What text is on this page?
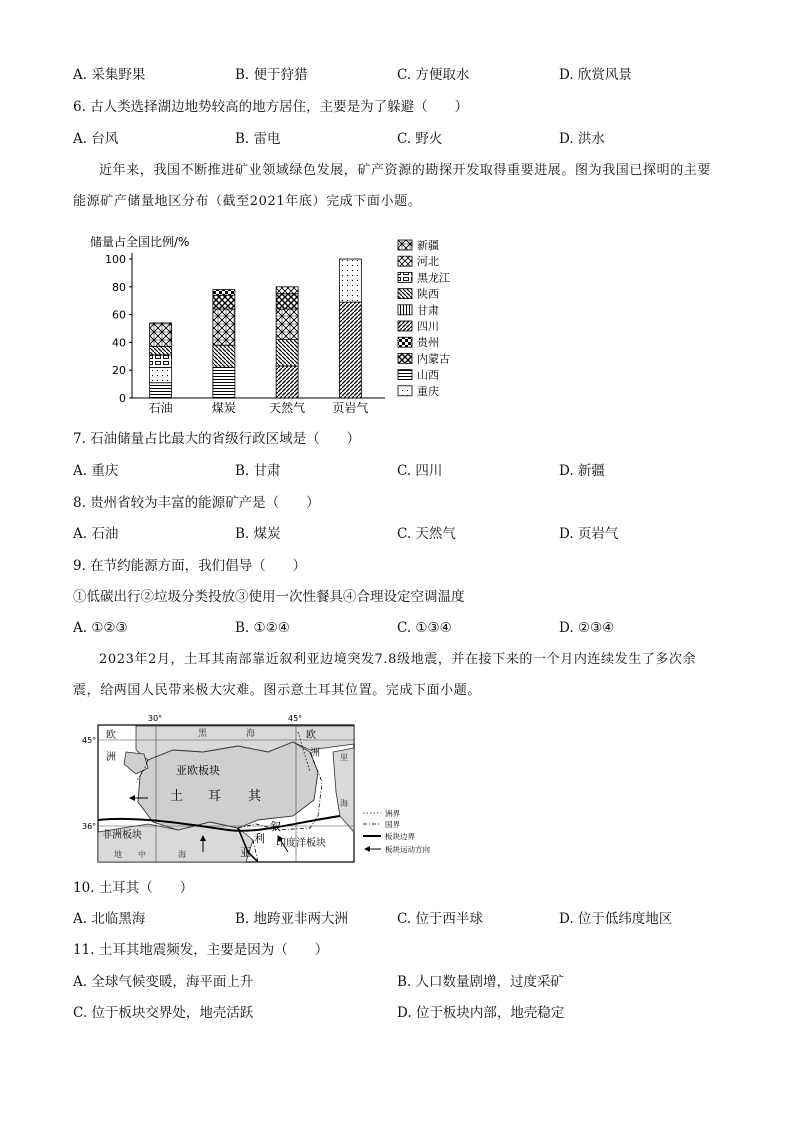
A. 采集野果	B. 便于狩猎	C. 方便取水	D. 欣赏风景
6. 古人类选择湖边地势较高的地方居住，主要是为了躲避（　　）
A. 台风	B. 雷电	C. 野火	D. 洪水
近年来，我国不断推进矿业领域绿色发展，矿产资源的勘探开发取得重要进展。图为我国已探明的主要能源矿产储量地区分布（截至2021年底）完成下面小题。
储量占全国比例/%
0
20
40
60
80
100
石油	煤炭	天然气 页岩气
新疆
河北
黑龙江
陕西
甘肃
四川
贵州
内蒙古
山西
重庆
7. 石油储量占比最大的省级行政区域是（　　）
A. 重庆	B. 甘肃	C. 四川	D. 新疆
8. 贵州省较为丰富的能源矿产是（　　）
A. 石油	B. 煤炭	C. 天然气	D. 页岩气
9. 在节约能源方面，我们倡导（　　）
①低碳出行②垃圾分类投放③使用一次性餐具④合理设定空调温度
A. ①②③	B. ①②④	C. ①③④	D. ②③④
2023年2月，土耳其南部靠近叙利亚边境突发7.8级地震，并在接下来的一个月内连续发生了多次余震，给两国人民带来极大灾难。图示意土耳其位置。完成下面小题。
30°	45°
45°
36°
欧
洲
黑	海	欧
洲	里
海
亚欧板块
土 耳 其
非洲板块
叙
利
亚
印度洋板块
地 中	海
洲界
国界
板块边界
板块运动方向
10. 土耳其（　　）
A. 北临黑海	B. 地跨亚非两大洲	C. 位于西半球	D. 位于低纬度地区
11. 土耳其地震频发，主要是因为（　　）
A. 全球气候变暖，海平面上升	B. 人口数量剧增，过度采矿
C. 位于板块交界处，地壳活跃	D. 位于板块内部，地壳稳定
